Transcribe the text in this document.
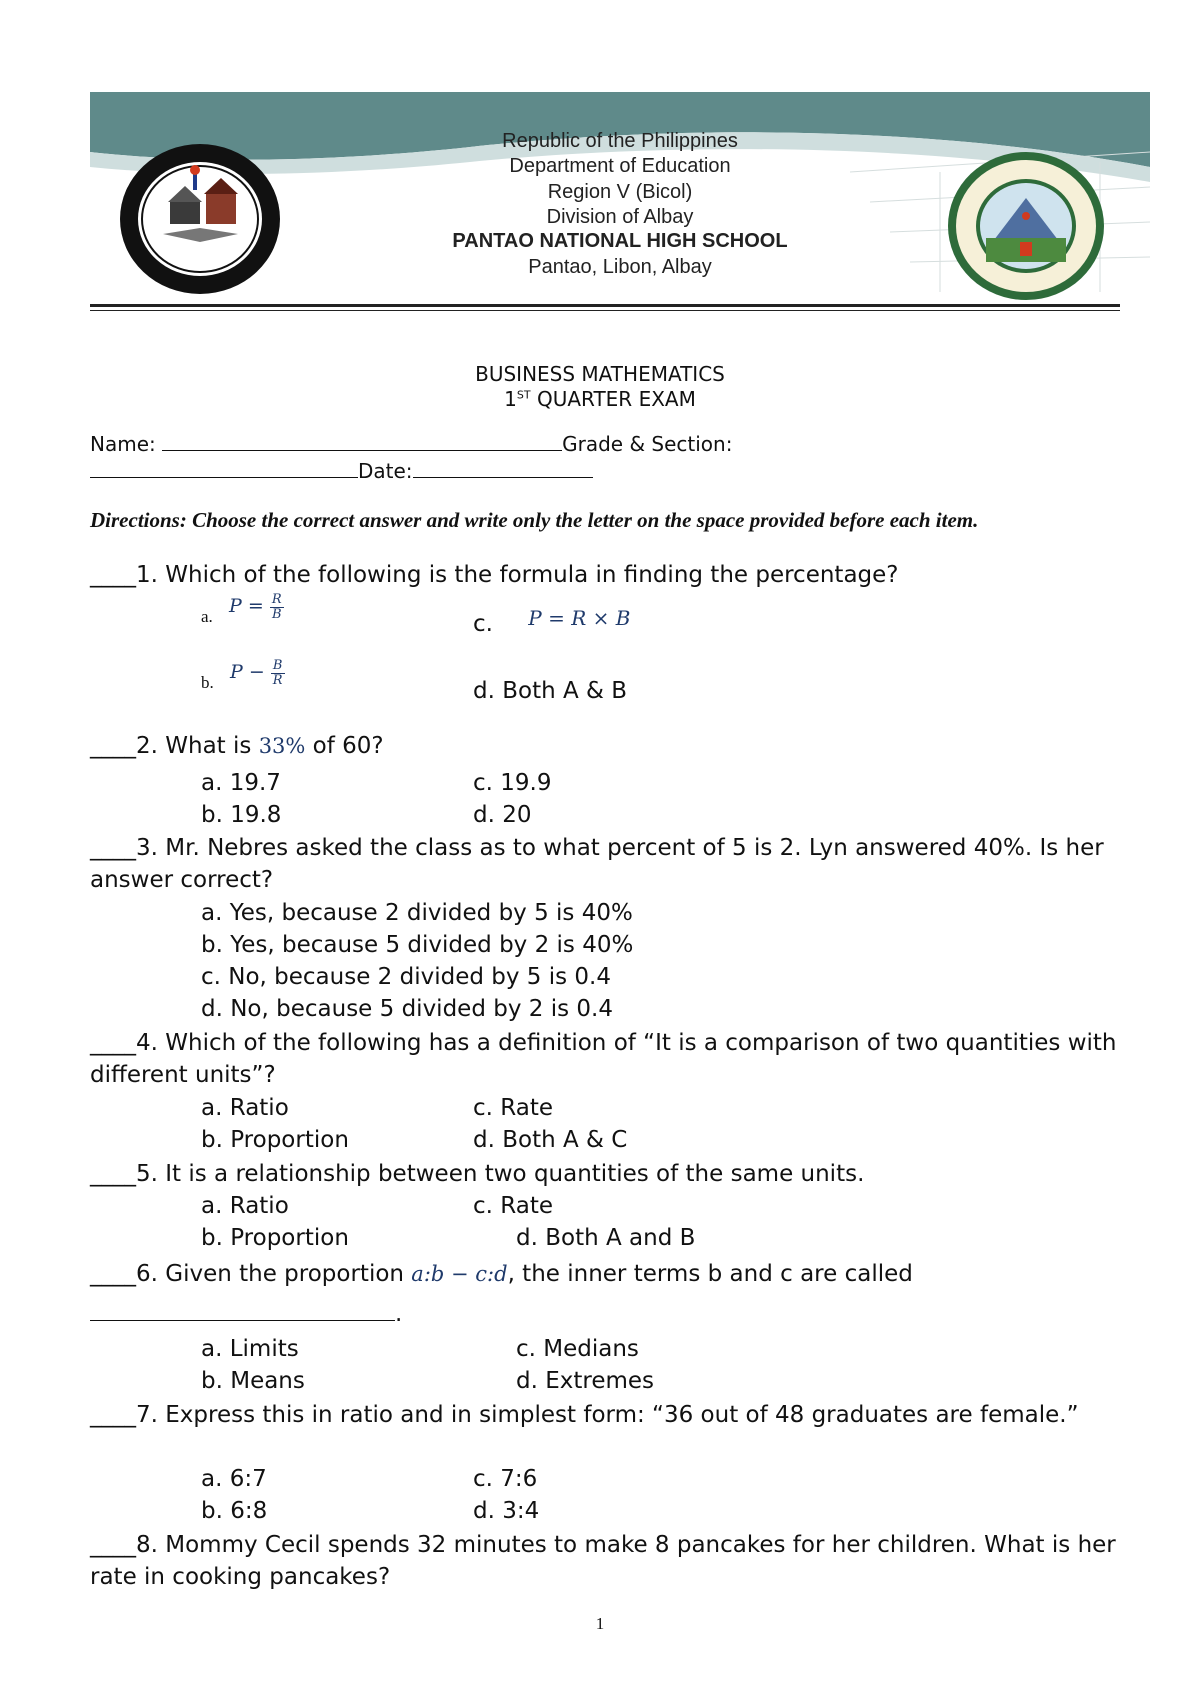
Republic of the Philippines
Department of Education
Region V (Bicol)
Division of Albay
PANTAO NATIONAL HIGH SCHOOL
Pantao, Libon, Albay
BUSINESS MATHEMATICS
1ST QUARTER EXAM
Name:	Grade & Section:
Date:
Directions: Choose the correct answer and write only the letter on the space provided before each item.
____1. Which of the following is the formula in finding the percentage?
a. $P = \frac{R}{B}$
c. P = R × B
b. $P - \frac{B}{R}$
d. Both A & B
____2. What is 33% of 60?
a. 19.7	c. 19.9
b. 19.8	d. 20
____3. Mr. Nebres asked the class as to what percent of 5 is 2. Lyn answered 40%. Is her answer correct?
a. Yes, because 2 divided by 5 is 40%
b. Yes, because 5 divided by 2 is 40%
c. No, because 2 divided by 5 is 0.4
d. No, because 5 divided by 2 is 0.4
____4. Which of the following has a definition of “It is a comparison of two quantities with different units”?
a. Ratio	c. Rate
b. Proportion	d. Both A & C
____5. It is a relationship between two quantities of the same units.
a. Ratio	c. Rate
b. Proportion	d. Both A and B
____6. Given the proportion a:b − c:d, the inner terms b and c are called
.
a. Limits	c. Medians
b. Means	d. Extremes
____7. Express this in ratio and in simplest form: “36 out of 48 graduates are female.”
a. 6:7	c. 7:6
b. 6:8	d. 3:4
____8. Mommy Cecil spends 32 minutes to make 8 pancakes for her children. What is her rate in cooking pancakes?
1
